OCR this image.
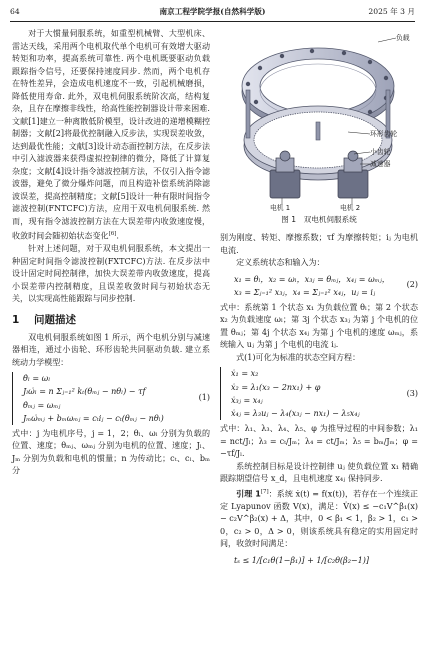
64	南京工程学院学报(自然科学版)	2025 年 3 月

对于大惯量伺服系统，如重型机械臂、大型机床、雷达天线，采用两个电机取代单个电机可有效增大驱动转矩和功率，提高系统可靠性. 两个电机既要驱动负载跟踪指令信号，还要保持速度同步. 然而，两个电机存在特性差异，会造成电机速度不一致，引起机械磨损，降低使用寿命. 此外，双电机伺服系统阶次高，结构复杂，且存在摩擦非线性，给高性能控制器设计带来困难. 文献[1]建立一种离散低阶模型，设计改进的递增模糊控制器；文献[2]将最优控制融入反步法，实现误差收敛，达到最优性能；文献[3]设计动态面控制方法，在反步法中引入滤波器来获得虚拟控制律的微分，降低了计算复杂度；文献[4]设计指令滤波控制方法，不仅引入指令滤波器，避免了微分爆炸问题，而且构造补偿系统消除滤波误差，提高控制精度；文献[5]设计一种有限时间指令滤波控制(FNTCFC)方法，应用于双电机伺服系统. 然而，现有指令滤波控制方法在大误差带内收敛速度慢，收敛时间会随初始状态变化[6].

针对上述问题，对于双电机伺服系统，本文提出一种固定时间指令滤波控制(FXTCFC)方法. 在反步法中设计固定时间控制律，加快大误差带内收敛速度，提高小误差带内控制精度，且误差收敛时间与初始状态无关，以实现高性能跟踪与同步控制.

1 问题描述

双电机伺服系统如图 1 所示，两个电机分别与减速器相连，通过小齿轮、环形齿轮共同驱动负载. 建立系统动力学模型：

θ̇ₗ = ωₗ
Jₗω̇ₗ = n Σⱼ₌₁² kₜ(θₘⱼ − nθₗ) − τf
θ̇ₘⱼ = ωₘⱼ
Jₘω̇ₘⱼ + bₘωₘⱼ = cₜiⱼ − cₜ(θₘⱼ − nθₗ)
(1)

式中：j 为电机序号，j = 1，2；θₗ、ωₗ 分别为负载的位置、速度；θₘⱼ、ωₘⱼ 分别为电机的位置、速度；Jₗ、Jₘ 分别为负载和电机的惯量；n 为传动比；cₜ、cₗ、bₘ 分

负载
环形齿轮
小齿轮
减速器
电机 1	电机 2
图 1　双电机伺服系统

别为刚度、转矩、摩擦系数；τf 为摩擦转矩；iⱼ 为电机电流.

定义系统状态和输入为：

x₁ = θₗ，x₂ = ωₗ，x₃ⱼ = θₘⱼ，x₄ⱼ = ωₘⱼ，
x₃ = Σⱼ₌₁² x₃ⱼ，x₄ = Σⱼ₌₁² x₄ⱼ，uⱼ = iⱼ
(2)

式中：系统第 1 个状态 x₁ 为负载位置 θₗ；第 2 个状态 x₂ 为负载速度 ωₗ；第 3j 个状态 x₃ⱼ 为第 j 个电机的位置 θₘⱼ；第 4j 个状态 x₄ⱼ 为第 j 个电机的速度 ωₘⱼ，系统输入 uⱼ 为第 j 个电机的电流 iⱼ.

式(1)可化为标准的状态空间方程：

ẋ₁ = x₂
ẋ₂ = λ₁(x₃ − 2nx₁) + φ
ẋ₃ⱼ = x₄ⱼ
ẋ₄ⱼ = λ₃uⱼ − λ₄(x₃ⱼ − nx₁) − λ₅x₄ⱼ
(3)

式中：λ₁、λ₃、λ₄、λ₅、φ 为推导过程的中间参数；λ₁ = nct/Jₗ；λ₃ = cₜ/Jₘ；λ₄ = ct/Jₘ；λ₅ = bₘ/Jₘ；φ = −τf/Jₗ.

系统控制目标是设计控制律 uⱼ 使负载位置 x₁ 精确跟踪期望信号 x_d，且电机速度 x₄ⱼ 保持同步.

引理 1[7]：系统 ẋ(t) = f(x(t))，若存在一个连续正定 Lyapunov 函数 V(x)，满足：V̇(x) ≤ −c₁V^β₁(x) − c₂V^β₂(x) + Δ，其中，0 < β₁ < 1，β₂ > 1，c₁ > 0，c₂ > 0，Δ > 0，则该系统具有稳定的实用固定时间，收敛时间满足：

tₛ ≤ 1/[c₁θ(1−β₁)] + 1/[c₂θ(β₂−1)]
